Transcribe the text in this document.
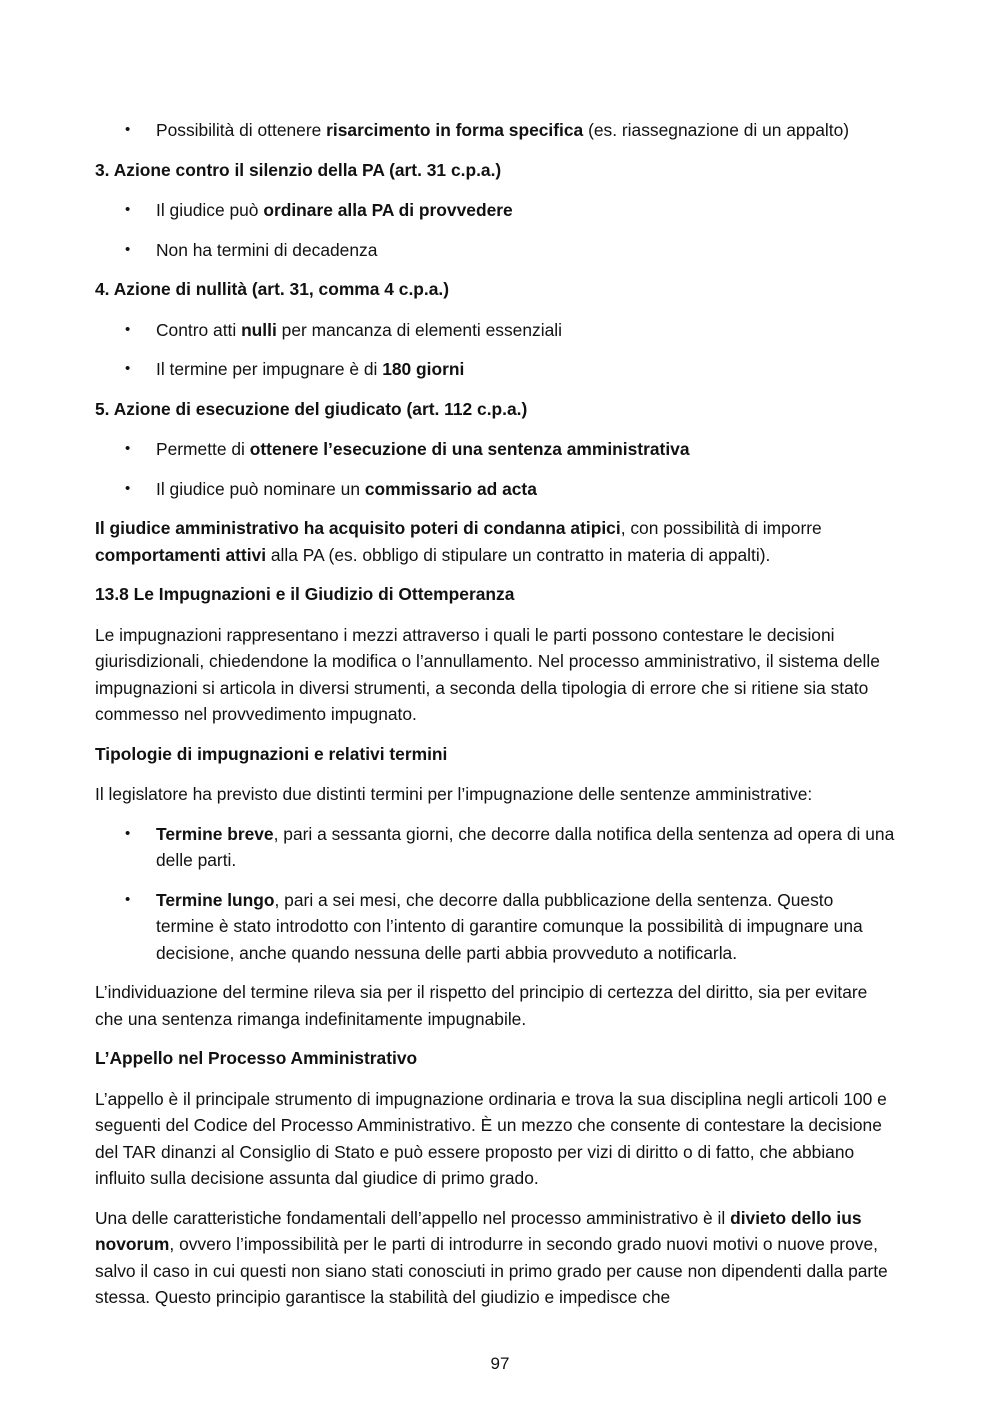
• Possibilità di ottenere risarcimento in forma specifica (es. riassegnazione di un appalto)

3. Azione contro il silenzio della PA (art. 31 c.p.a.)

• Il giudice può ordinare alla PA di provvedere
• Non ha termini di decadenza

4. Azione di nullità (art. 31, comma 4 c.p.a.)

• Contro atti nulli per mancanza di elementi essenziali
• Il termine per impugnare è di 180 giorni

5. Azione di esecuzione del giudicato (art. 112 c.p.a.)

• Permette di ottenere l’esecuzione di una sentenza amministrativa
• Il giudice può nominare un commissario ad acta

Il giudice amministrativo ha acquisito poteri di condanna atipici, con possibilità di imporre comportamenti attivi alla PA (es. obbligo di stipulare un contratto in materia di appalti).

13.8 Le Impugnazioni e il Giudizio di Ottemperanza

Le impugnazioni rappresentano i mezzi attraverso i quali le parti possono contestare le decisioni giurisdizionali, chiedendone la modifica o l’annullamento. Nel processo amministrativo, il sistema delle impugnazioni si articola in diversi strumenti, a seconda della tipologia di errore che si ritiene sia stato commesso nel provvedimento impugnato.

Tipologie di impugnazioni e relativi termini

Il legislatore ha previsto due distinti termini per l’impugnazione delle sentenze amministrative:

• Termine breve, pari a sessanta giorni, che decorre dalla notifica della sentenza ad opera di una delle parti.
• Termine lungo, pari a sei mesi, che decorre dalla pubblicazione della sentenza. Questo termine è stato introdotto con l’intento di garantire comunque la possibilità di impugnare una decisione, anche quando nessuna delle parti abbia provveduto a notificarla.

L’individuazione del termine rileva sia per il rispetto del principio di certezza del diritto, sia per evitare che una sentenza rimanga indefinitamente impugnabile.

L’Appello nel Processo Amministrativo

L’appello è il principale strumento di impugnazione ordinaria e trova la sua disciplina negli articoli 100 e seguenti del Codice del Processo Amministrativo. È un mezzo che consente di contestare la decisione del TAR dinanzi al Consiglio di Stato e può essere proposto per vizi di diritto o di fatto, che abbiano influito sulla decisione assunta dal giudice di primo grado.

Una delle caratteristiche fondamentali dell’appello nel processo amministrativo è il divieto dello ius novorum, ovvero l’impossibilità per le parti di introdurre in secondo grado nuovi motivi o nuove prove, salvo il caso in cui questi non siano stati conosciuti in primo grado per cause non dipendenti dalla parte stessa. Questo principio garantisce la stabilità del giudizio e impedisce che

97
